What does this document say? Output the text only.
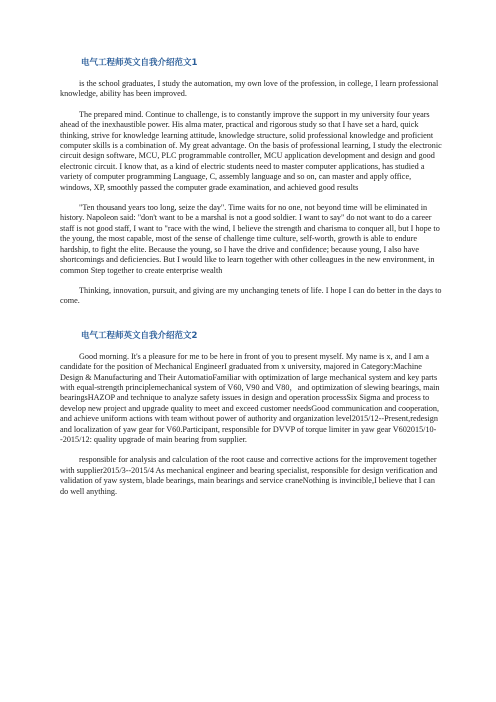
电气工程师英文自我介绍范文1

is the school graduates, I study the automation, my own love of the profession, in college, I learn professional knowledge, ability has been improved.

The prepared mind. Continue to challenge, is to constantly improve the support in my university four years ahead of the inexhaustible power. His alma mater, practical and rigorous study so that I have set a hard, quick thinking, strive for knowledge learning attitude, knowledge structure, solid professional knowledge and proficient computer skills is a combination of. My great advantage. On the basis of professional learning, I study the electronic circuit design software, MCU, PLC programmable controller, MCU application development and design and good electronic circuit. I know that, as a kind of electric students need to master computer applications, has studied a variety of computer programming Language, C, assembly language and so on, can master and apply office, windows, XP, smoothly passed the computer grade examination, and achieved good results

"Ten thousand years too long, seize the day". Time waits for no one, not beyond time will be eliminated in history. Napoleon said: "don't want to be a marshal is not a good soldier. I want to say" do not want to do a career staff is not good staff, I want to "race with the wind, I believe the strength and charisma to conquer all, but I hope to the young, the most capable, most of the sense of challenge time culture, self-worth, growth is able to endure hardship, to fight the elite. Because the young, so I have the drive and confidence; because young, I also have shortcomings and deficiencies. But I would like to learn together with other colleagues in the new environment, in common Step together to create enterprise wealth

Thinking, innovation, pursuit, and giving are my unchanging tenets of life. I hope I can do better in the days to come.

电气工程师英文自我介绍范文2

Good morning. It's a pleasure for me to be here in front of you to present myself. My name is x, and I am a candidate for the position of Mechanical EngineerI graduated from x university, majored in Category:Machine Design & Manufacturing and Their AutomatioFamiliar with optimization of large mechanical system and key parts with equal-strength principlemechanical system of V60, V90 and V80，and optimization of slewing bearings, main bearingsHAZOP and technique to analyze safety issues in design and operation processSix Sigma and process to develop new project and upgrade quality to meet and exceed customer needsGood communication and cooperation, and achieve uniform actions with team without power of authority and organization level2015/12--Present,redesign and localization of yaw gear for V60.Participant, responsible for DVVP of torque limiter in yaw gear V602015/10--2015/12: quality upgrade of main bearing from supplier.

responsible for analysis and calculation of the root cause and corrective actions for the improvement together with supplier2015/3--2015/4 As mechanical engineer and bearing specialist, responsible for design verification and validation of yaw system, blade bearings, main bearings and service craneNothing is invincible,I believe that I can do well anything.
